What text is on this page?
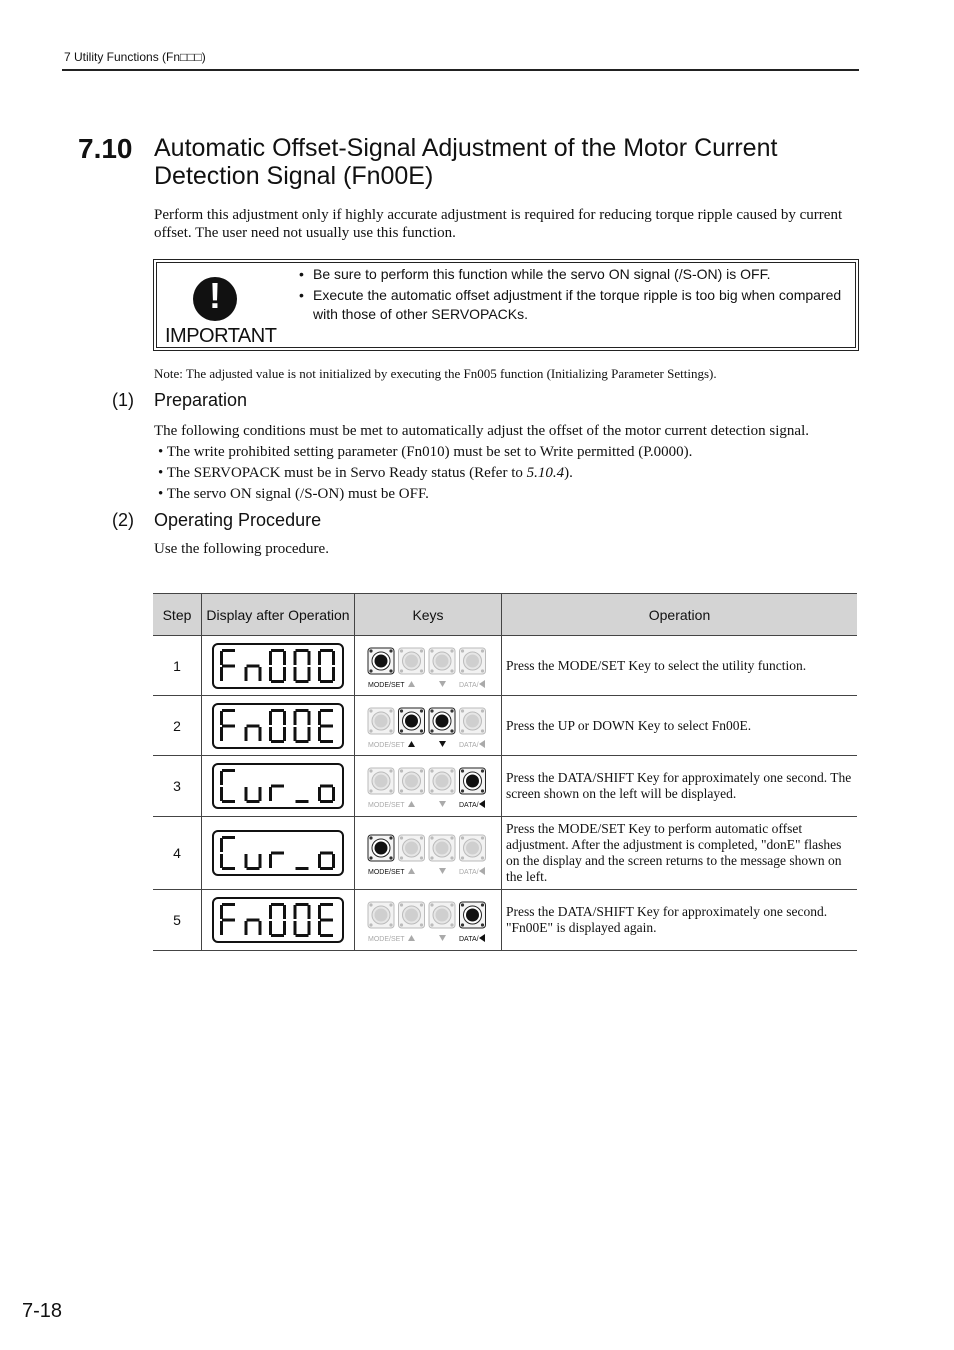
7 Utility Functions (Fn□□□)
7.10 Automatic Offset-Signal Adjustment of the Motor Current Detection Signal (Fn00E)
Perform this adjustment only if highly accurate adjustment is required for reducing torque ripple caused by current offset. The user need not usually use this function.
!
IMPORTANT
• Be sure to perform this function while the servo ON signal (/S-ON) is OFF.
• Execute the automatic offset adjustment if the torque ripple is too big when compared with those of other SERVOPACKs.
Note: The adjusted value is not initialized by executing the Fn005 function (Initializing Parameter Settings).
(1) Preparation
The following conditions must be met to automatically adjust the offset of the motor current detection signal.
• The write prohibited setting parameter (Fn010) must be set to Write permitted (P.0000).
• The SERVOPACK must be in Servo Ready status (Refer to 5.10.4).
• The servo ON signal (/S-ON) must be OFF.
(2) Operating Procedure
Use the following procedure.
Step	Display after Operation	Keys	Operation
1		MODE/SET DATA/	Press the MODE/SET Key to select the utility function.
2		MODE/SET DATA/	Press the UP or DOWN Key to select Fn00E.
3		MODE/SET DATA/	Press the DATA/SHIFT Key for approximately one second. The screen shown on the left will be displayed.
4		MODE/SET DATA/	Press the MODE/SET Key to perform automatic offset adjustment. After the adjustment is completed, "donE" flashes on the display and the screen returns to the message shown on the left.
5		MODE/SET DATA/	Press the DATA/SHIFT Key for approximately one second. "Fn00E" is displayed again.
7-18
